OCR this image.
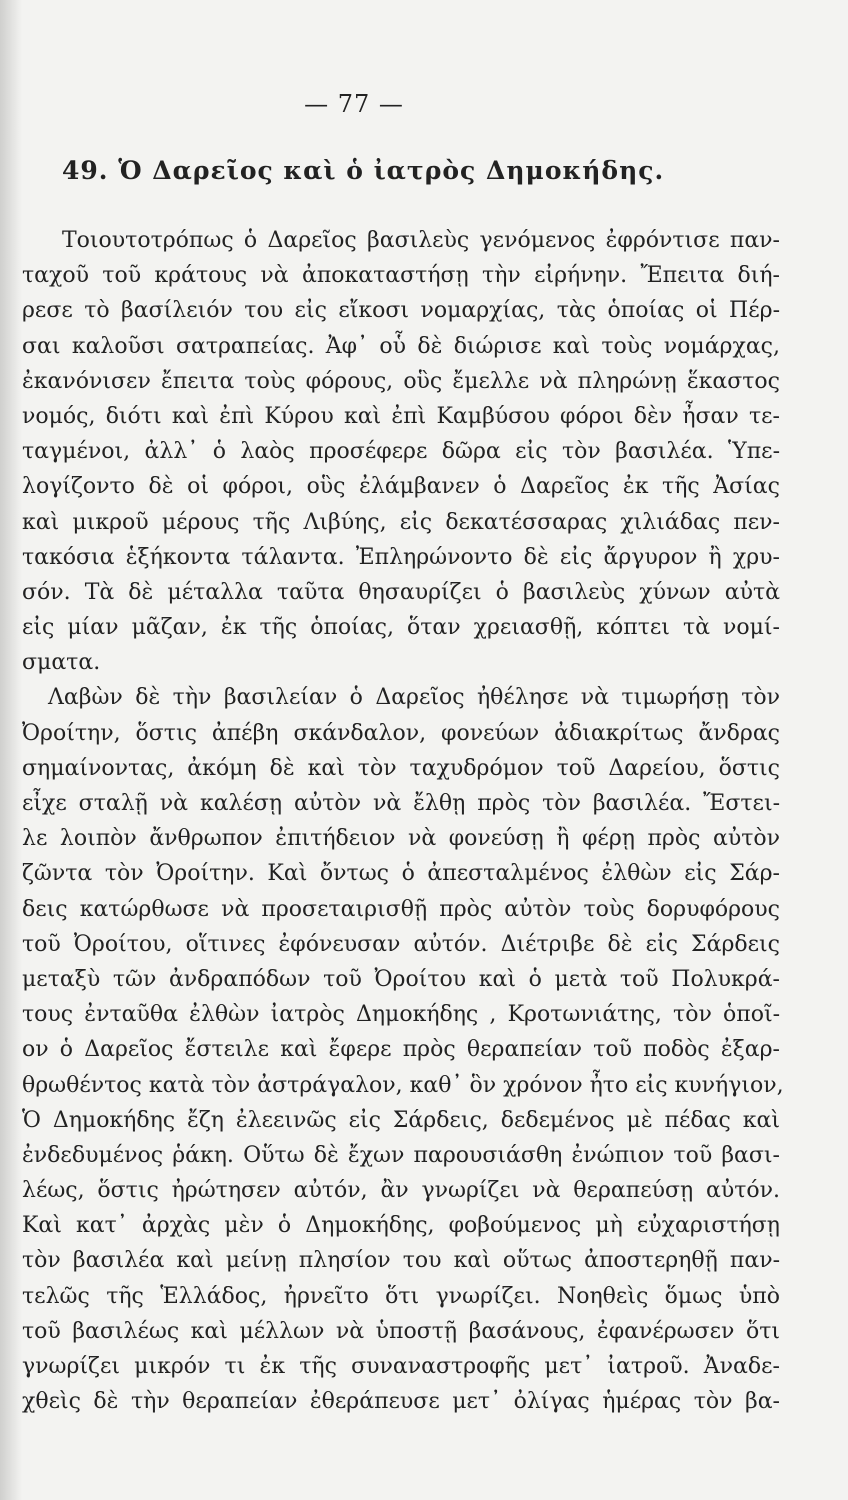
— 77 —
49. Ὁ Δαρεῖος καὶ ὁ ἰατρὸς Δημοκήδης.
Τοιουτοτρόπως ὁ Δαρεῖος βασιλεὺς γενόμενος ἐφρόντισε παν-
ταχοῦ τοῦ κράτους νὰ ἀποκαταστήσῃ τὴν εἰρήνην. Ἔπειτα διή-
ρεσε τὸ βασίλειόν του εἰς εἴκοσι νομαρχίας, τὰς ὁποίας οἱ Πέρ-
σαι καλοῦσι σατραπείας. Ἀφ᾽ οὗ δὲ διώρισε καὶ τοὺς νομάρχας,
ἐκανόνισεν ἔπειτα τοὺς φόρους, οὓς ἔμελλε νὰ πληρώνῃ ἕκαστος
νομός, διότι καὶ ἐπὶ Κύρου καὶ ἐπὶ Καμβύσου φόροι δὲν ἦσαν τε-
ταγμένοι, ἀλλ᾽ ὁ λαὸς προσέφερε δῶρα εἰς τὸν βασιλέα. Ὑπε-
λογίζοντο δὲ οἱ φόροι, οὓς ἐλάμβανεν ὁ Δαρεῖος ἐκ τῆς Ἀσίας
καὶ μικροῦ μέρους τῆς Λιβύης, εἰς δεκατέσσαρας χιλιάδας πεν-
τακόσια ἑξήκοντα τάλαντα. Ἐπληρώνοντο δὲ εἰς ἄργυρον ἢ χρυ-
σόν. Τὰ δὲ μέταλλα ταῦτα θησαυρίζει ὁ βασιλεὺς χύνων αὐτὰ
εἰς μίαν μᾶζαν, ἐκ τῆς ὁποίας, ὅταν χρειασθῇ, κόπτει τὰ νομί-
σματα.
Λαβὼν δὲ τὴν βασιλείαν ὁ Δαρεῖος ἠθέλησε νὰ τιμωρήσῃ τὸν
Ὀροίτην, ὅστις ἀπέβη σκάνδαλον, φονεύων ἀδιακρίτως ἄνδρας
σημαίνοντας, ἀκόμη δὲ καὶ τὸν ταχυδρόμον τοῦ Δαρείου, ὅστις
εἶχε σταλῇ νὰ καλέσῃ αὐτὸν νὰ ἔλθῃ πρὸς τὸν βασιλέα. Ἔστει-
λε λοιπὸν ἄνθρωπον ἐπιτήδειον νὰ φονεύσῃ ἢ φέρῃ πρὸς αὐτὸν
ζῶντα τὸν Ὀροίτην. Καὶ ὄντως ὁ ἀπεσταλμένος ἐλθὼν εἰς Σάρ-
δεις κατώρθωσε νὰ προσεταιρισθῇ πρὸς αὐτὸν τοὺς δορυφόρους
τοῦ Ὀροίτου, οἵτινες ἐφόνευσαν αὐτόν. Διέτριβε δὲ εἰς Σάρδεις
μεταξὺ τῶν ἀνδραπόδων τοῦ Ὀροίτου καὶ ὁ μετὰ τοῦ Πολυκρά-
τους ἐνταῦθα ἐλθὼν ἰατρὸς Δημοκήδης , Κροτωνιάτης, τὸν ὁποῖ-
ον ὁ Δαρεῖος ἔστειλε καὶ ἔφερε πρὸς θεραπείαν τοῦ ποδὸς ἐξαρ-
θρωθέντος κατὰ τὸν ἀστράγαλον, καθ᾽ ὃν χρόνον ἦτο εἰς κυνήγιον,
Ὁ Δημοκήδης ἔζη ἐλεεινῶς εἰς Σάρδεις, δεδεμένος μὲ πέδας καὶ
ἐνδεδυμένος ῥάκη. Οὕτω δὲ ἔχων παρουσιάσθη ἐνώπιον τοῦ βασι-
λέως, ὅστις ἠρώτησεν αὐτόν, ἂν γνωρίζει νὰ θεραπεύσῃ αὐτόν.
Καὶ κατ᾽ ἀρχὰς μὲν ὁ Δημοκήδης, φοβούμενος μὴ εὐχαριστήσῃ
τὸν βασιλέα καὶ μείνῃ πλησίον του καὶ οὕτως ἀποστερηθῇ παν-
τελῶς τῆς Ἑλλάδος, ἠρνεῖτο ὅτι γνωρίζει. Νοηθεὶς ὅμως ὑπὸ
τοῦ βασιλέως καὶ μέλλων νὰ ὑποστῇ βασάνους, ἐφανέρωσεν ὅτι
γνωρίζει μικρόν τι ἐκ τῆς συναναστροφῆς μετ᾽ ἰατροῦ. Ἀναδε-
χθεὶς δὲ τὴν θεραπείαν ἐθεράπευσε μετ᾽ ὀλίγας ἡμέρας τὸν βα-
